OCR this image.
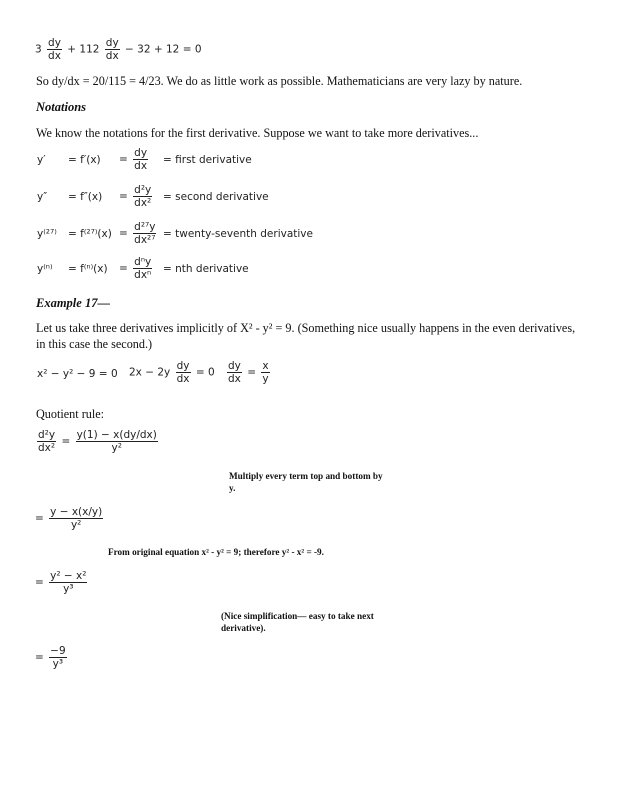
$3 \frac{dy}{dx} + 112 \frac{dy}{dx} - 32 + 12 = 0$
So dy/dx = 20/115 = 4/23. We do as little work as possible. Mathematicians are very lazy by nature.
Notations
We know the notations for the first derivative. Suppose we want to take more derivatives...
$y' = f'(x) = \frac{dy}{dx}$ = first derivative
$y'' = f''(x) = \frac{\text{d²y}}{\text{dx²}}$ = second derivative
$y^{(27)} = f^{(27)}(x) = \frac{\text{d²⁷y}}{\text{dx²⁷}}$ = twenty-seventh derivative
$y^{(n)} = f^{(n)}(x) = \frac{\text{dⁿy}}{\text{dxⁿ}}$ = nth derivative
Example 17—
Let us take three derivatives implicitly of X² - y² = 9. (Something nice usually happens in the even derivatives, in this case the second.)
x² − y² − 9 = 0 $2x - 2y \frac{dy}{dx} = 0 \frac{dy}{dx} = \frac{x}{y}$
Quotient rule:
$\frac{\text{d²y}}{\text{dx²}} = \frac{y(1) - x(dy/dx)}{\text{y²}}$
Multiply every term top and bottom by y.
= $\frac{y - x(x/y)}{\text{y²}}$
From original equation x² - y² = 9; therefore y² - x² = -9.
= $\frac{\text{y² − x²}}{\text{y³}}$
(Nice simplification— easy to take next derivative).
= $\frac{-9}{\text{y³}}$
